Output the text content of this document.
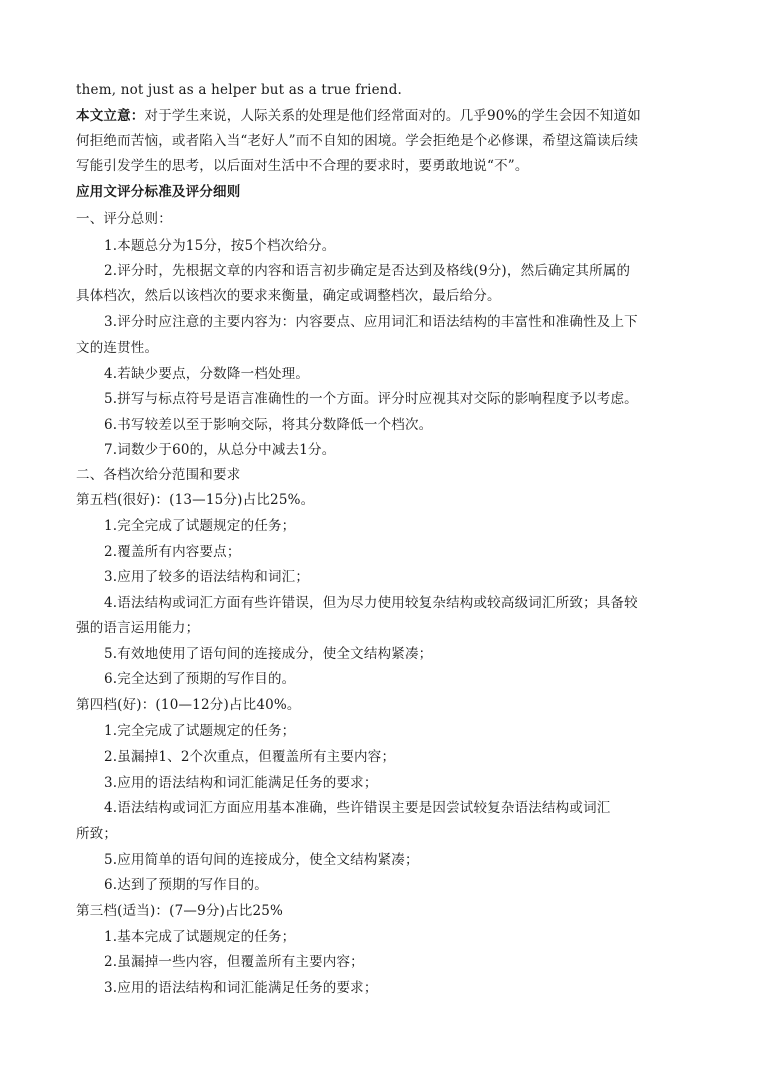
them, not just as a helper but as a true friend.
本文立意：对于学生来说，人际关系的处理是他们经常面对的。几乎90%的学生会因不知道如
何拒绝而苦恼，或者陷入当“老好人”而不自知的困境。学会拒绝是个必修课，希望这篇读后续
写能引发学生的思考，以后面对生活中不合理的要求时，要勇敢地说“不”。
应用文评分标准及评分细则
一、评分总则：
1.本题总分为15分，按5个档次给分。
2.评分时，先根据文章的内容和语言初步确定是否达到及格线(9分)，然后确定其所属的
具体档次，然后以该档次的要求来衡量，确定或调整档次，最后给分。
3.评分时应注意的主要内容为：内容要点、应用词汇和语法结构的丰富性和准确性及上下
文的连贯性。
4.若缺少要点，分数降一档处理。
5.拼写与标点符号是语言准确性的一个方面。评分时应视其对交际的影响程度予以考虑。
6.书写较差以至于影响交际，将其分数降低一个档次。
7.词数少于60的，从总分中减去1分。
二、各档次给分范围和要求
第五档(很好)：(13—15分)占比25%。
1.完全完成了试题规定的任务；
2.覆盖所有内容要点；
3.应用了较多的语法结构和词汇；
4.语法结构或词汇方面有些许错误，但为尽力使用较复杂结构或较高级词汇所致；具备较
强的语言运用能力；
5.有效地使用了语句间的连接成分，使全文结构紧凑；
6.完全达到了预期的写作目的。
第四档(好)：(10—12分)占比40%。
1.完全完成了试题规定的任务；
2.虽漏掉1、2个次重点，但覆盖所有主要内容；
3.应用的语法结构和词汇能满足任务的要求；
4.语法结构或词汇方面应用基本准确，些许错误主要是因尝试较复杂语法结构或词汇
所致；
5.应用简单的语句间的连接成分，使全文结构紧凑；
6.达到了预期的写作目的。
第三档(适当)：(7—9分)占比25%
1.基本完成了试题规定的任务；
2.虽漏掉一些内容，但覆盖所有主要内容；
3.应用的语法结构和词汇能满足任务的要求；
